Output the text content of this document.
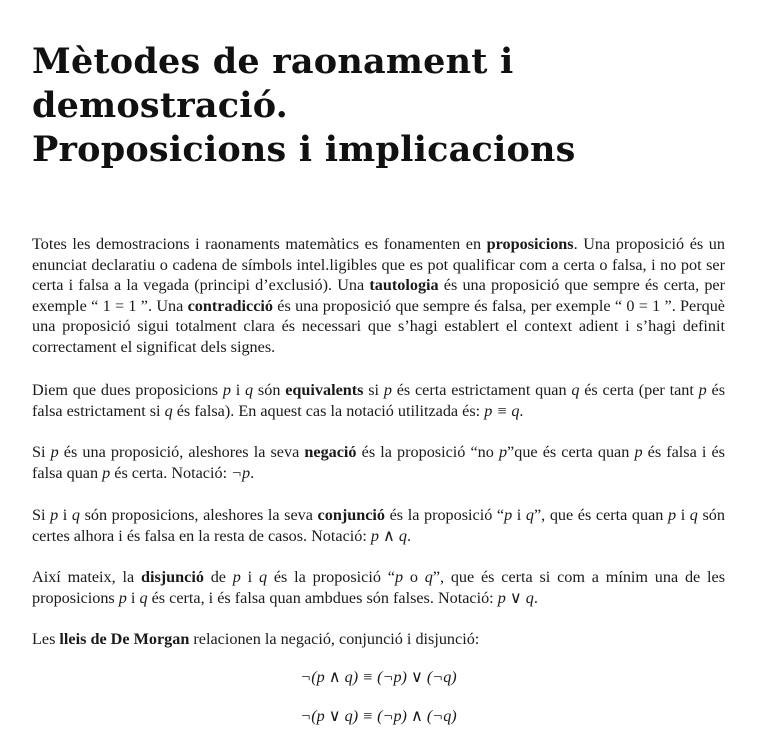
Mètodes de raonament i
demostració.
Proposicions i implicacions

Totes les demostracions i raonaments matemàtics es fonamenten en proposicions. Una proposició és un enunciat declaratiu o cadena de símbols intel.ligibles que es pot qualificar com a certa o falsa, i no pot ser certa i falsa a la vegada (principi d’exclusió). Una tautologia és una proposició que sempre és certa, per exemple “ 1 = 1 ”. Una contradicció és una proposició que sempre és falsa, per exemple “ 0 = 1 ”. Perquè una proposició sigui totalment clara és necessari que s’hagi establert el context adient i s’hagi definit correctament el significat dels signes.

Diem que dues proposicions p i q són equivalents si p és certa estrictament quan q és certa (per tant p és falsa estrictament si q és falsa). En aquest cas la notació utilitzada és: p ≡ q.

Si p és una proposició, aleshores la seva negació és la proposició “no p”que és certa quan p és falsa i és falsa quan p és certa. Notació: ¬p.

Si p i q són proposicions, aleshores la seva conjunció és la proposició “p i q”, que és certa quan p i q són certes alhora i és falsa en la resta de casos. Notació: p ∧ q.

Així mateix, la disjunció de p i q és la proposició “p o q”, que és certa si com a mínim una de les proposicions p i q és certa, i és falsa quan ambdues són falses. Notació: p ∨ q.

Les lleis de De Morgan relacionen la negació, conjunció i disjunció:

¬(p ∧ q) ≡ (¬p) ∨ (¬q)
¬(p ∨ q) ≡ (¬p) ∧ (¬q)
